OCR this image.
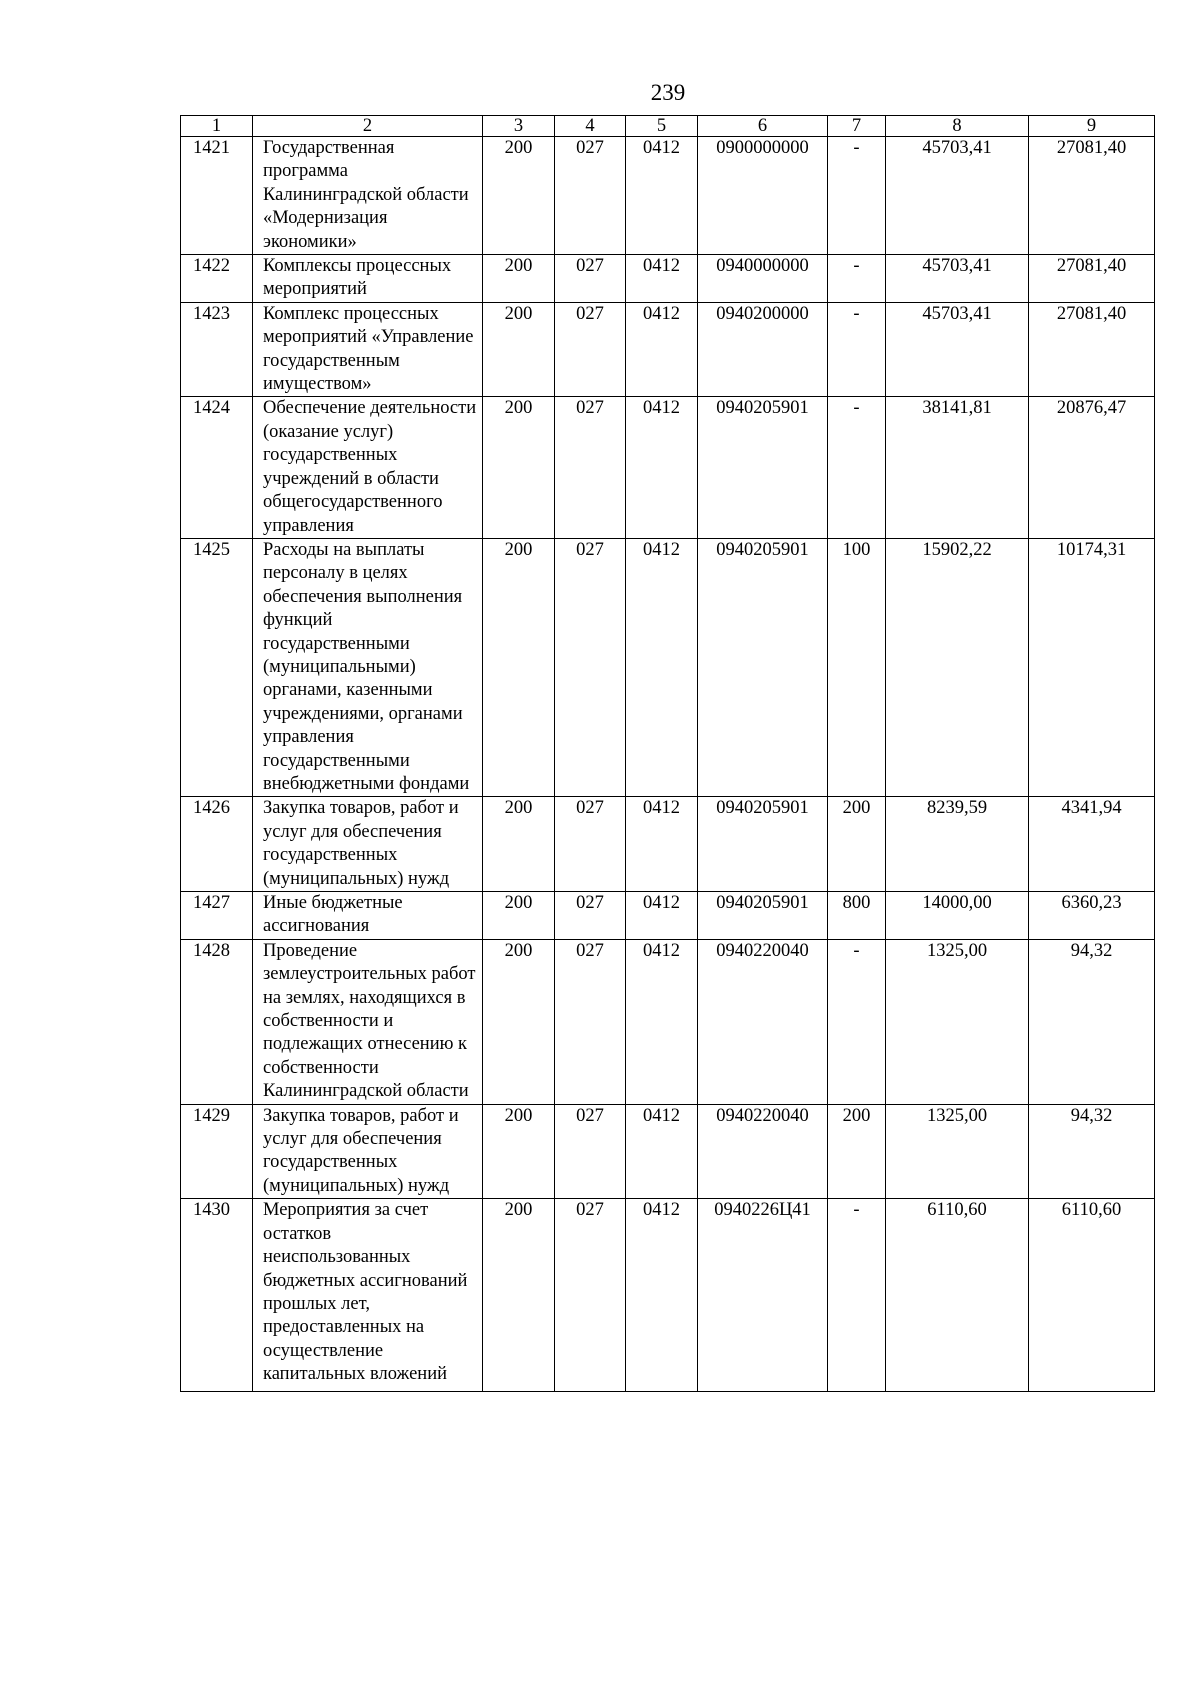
239
1	2	3	4	5	6	7	8	9
1421	Государственная программа Калининградской области «Модернизация экономики»	200	027	0412	0900000000	-	45703,41	27081,40
1422	Комплексы процессных мероприятий	200	027	0412	0940000000	-	45703,41	27081,40
1423	Комплекс процессных мероприятий «Управление государственным имуществом»	200	027	0412	0940200000	-	45703,41	27081,40
1424	Обеспечение деятельности (оказание услуг) государственных учреждений в области общегосударственного управления	200	027	0412	0940205901	-	38141,81	20876,47
1425	Расходы на выплаты персоналу в целях обеспечения выполнения функций государственными (муниципальными) органами, казенными учреждениями, органами управления государственными внебюджетными фондами	200	027	0412	0940205901	100	15902,22	10174,31
1426	Закупка товаров, работ и услуг для обеспечения государственных (муниципальных) нужд	200	027	0412	0940205901	200	8239,59	4341,94
1427	Иные бюджетные ассигнования	200	027	0412	0940205901	800	14000,00	6360,23
1428	Проведение землеустроительных работ на землях, находящихся в собственности и подлежащих отнесению к собственности Калининградской области	200	027	0412	0940220040	-	1325,00	94,32
1429	Закупка товаров, работ и услуг для обеспечения государственных (муниципальных) нужд	200	027	0412	0940220040	200	1325,00	94,32
1430	Мероприятия за счет остатков неиспользованных бюджетных ассигнований прошлых лет, предоставленных на осуществление капитальных вложений	200	027	0412	0940226Ц41	-	6110,60	6110,60
